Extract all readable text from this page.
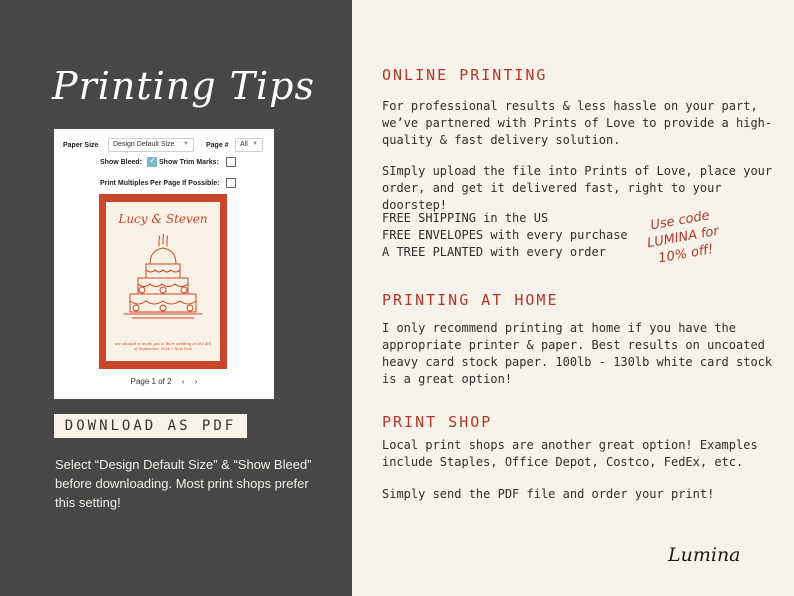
Printing Tips
Paper Size	Design Default Size ▼ Page #	All ▼
Show Bleed:
✓ Show Trim Marks:
Print Multiples Per Page If Possible:
Lucy & Steven
are pleased to invite you to their wedding on the 4th of September, 2024 • New York
Page 1 of 2 ‹ ›
DOWNLOAD AS PDF
Select “Design Default Size” & “Show Bleed” before downloading. Most print shops prefer this setting!
ONLINE PRINTING
For professional results & less hassle on your part, we’ve partnered with Prints of Love to provide a high-quality & fast delivery solution.
SImply upload the file into Prints of Love, place your order, and get it delivered fast, right to your doorstep!
FREE SHIPPING in the US
FREE ENVELOPES with every purchase
A TREE PLANTED with every order
Use code
LUMINA for
10% off!
PRINTING AT HOME
I only recommend printing at home if you have the appropriate printer & paper. Best results on uncoated heavy card stock paper. 100lb - 130lb white card stock is a great option!
PRINT SHOP
Local print shops are another great option! Examples include Staples, Office Depot, Costco, FedEx, etc.
Simply send the PDF file and order your print!
Lumina
